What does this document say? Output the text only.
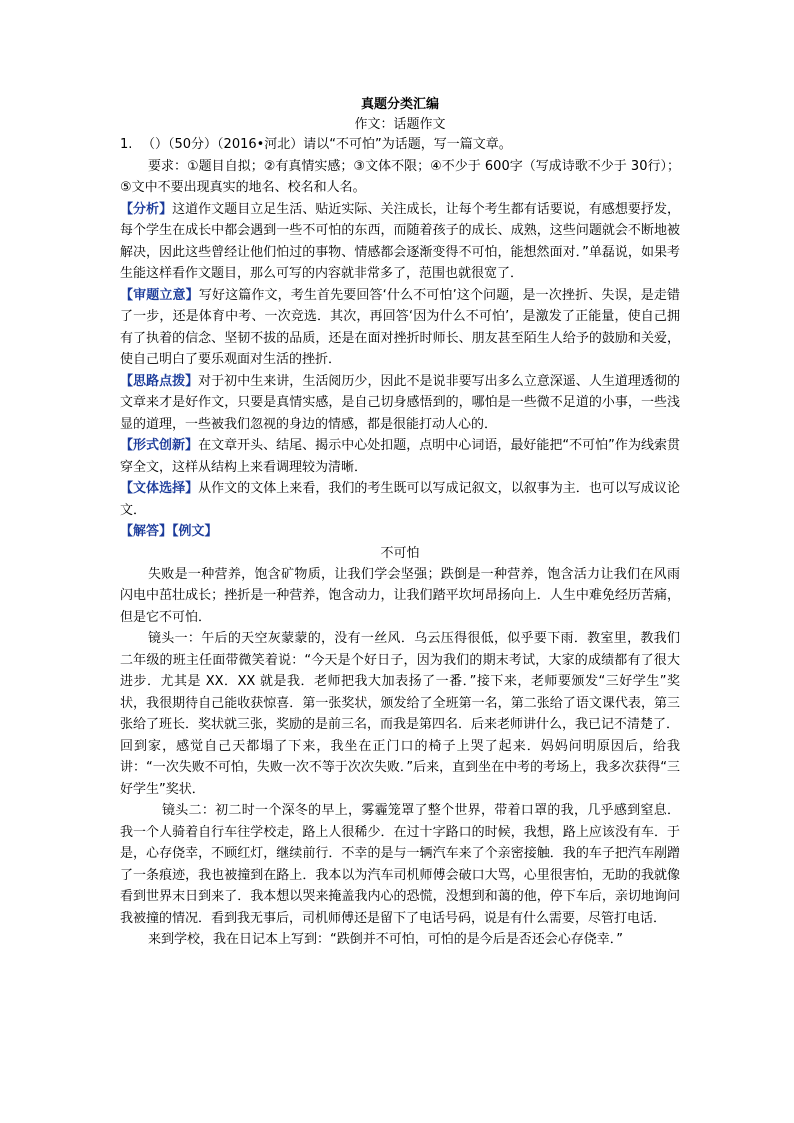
真题分类汇编
作文：话题作文

1. （）（50分）（2016•河北）请以“不可怕”为话题，写一篇文章。

要求：①题目自拟；②有真情实感；③文体不限；④不少于 600字（写成诗歌不少于 30行）；⑤文中不要出现真实的地名、校名和人名。

【分析】这道作文题目立足生活、贴近实际、关注成长，让每个考生都有话要说，有感想要抒发，每个学生在成长中都会遇到一些不可怕的东西，而随着孩子的成长、成熟，这些问题就会不断地被解决，因此这些曾经让他们怕过的事物、情感都会逐渐变得不可怕，能想然面对．”单磊说，如果考生能这样看作文题目，那么可写的内容就非常多了，范围也就很宽了．

【审题立意】写好这篇作文，考生首先要回答‘什么不可怕’这个问题，是一次挫折、失误，是走错了一步，还是体育中考、一次竞选．其次，再回答‘因为什么不可怕’，是激发了正能量，使自己拥有了执着的信念、坚韧不拔的品质，还是在面对挫折时师长、朋友甚至陌生人给予的鼓励和关爱，使自己明白了要乐观面对生活的挫折．

【思路点拨】对于初中生来讲，生活阅历少，因此不是说非要写出多么立意深遥、人生道理透彻的文章来才是好作文，只要是真情实感，是自己切身感悟到的，哪怕是一些微不足道的小事，一些浅显的道理，一些被我们忽视的身边的情感，都是很能打动人心的．

【形式创新】在文章开头、结尾、揭示中心处扣题，点明中心词语，最好能把“不可怕”作为线索贯穿全文，这样从结构上来看调理较为清晰．

【文体选择】从作文的文体上来看，我们的考生既可以写成记叙文，以叙事为主．也可以写成议论文．

【解答】【例文】

不可怕

失败是一种营养，饱含矿物质，让我们学会坚强；跌倒是一种营养，饱含活力让我们在风雨闪电中茁壮成长；挫折是一种营养，饱含动力，让我们踏平坎坷昂扬向上．人生中难免经历苦痛，但是它不可怕．

镜头一：午后的天空灰蒙蒙的，没有一丝风．乌云压得很低，似乎要下雨．教室里，教我们二年级的班主任面带微笑着说：“今天是个好日子，因为我们的期末考试，大家的成绩都有了很大进步．尤其是 XX．XX 就是我．老师把我大加表扬了一番．”接下来，老师要颁发“三好学生”奖状，我很期待自己能收获惊喜．第一张奖状，颁发给了全班第一名，第二张给了语文课代表，第三张给了班长．奖状就三张，奖励的是前三名，而我是第四名．后来老师讲什么，我已记不清楚了．

回到家，感觉自己天都塌了下来，我坐在正门口的椅子上哭了起来．妈妈问明原因后，给我讲：“一次失败不可怕，失败一次不等于次次失败．”后来，直到坐在中考的考场上，我多次获得“三好学生”奖状．

镜头二：初二时一个深冬的早上，雾霾笼罩了整个世界，带着口罩的我，几乎感到窒息．我一个人骑着自行车往学校走，路上人很稀少．在过十字路口的时候，我想，路上应该没有车．于是，心存侥幸，不顾红灯，继续前行．不幸的是与一辆汽车来了个亲密接触．我的车子把汽车剐蹭了一条痕迹，我也被撞到在路上．我本以为汽车司机师傅会破口大骂，心里很害怕，无助的我就像看到世界末日到来了．我本想以哭来掩盖我内心的恐慌，没想到和蔼的他，停下车后，亲切地询问我被撞的情况．看到我无事后，司机师傅还是留下了电话号码，说是有什么需要，尽管打电话．

来到学校，我在日记本上写到：“跌倒并不可怕，可怕的是今后是否还会心存侥幸．”
